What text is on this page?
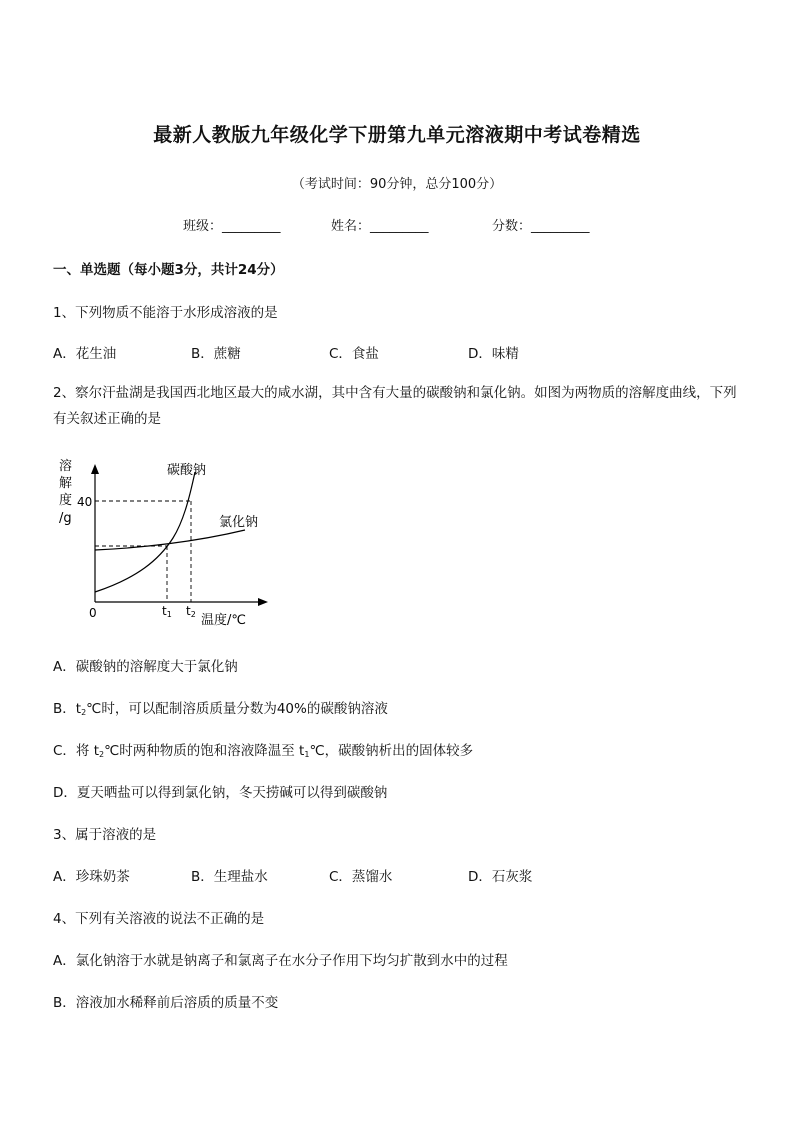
最新人教版九年级化学下册第九单元溶液期中考试卷精选
（考试时间：90分钟，总分100分）
班级：_________	姓名：_________	分数：_________
一、单选题（每小题3分，共计24分）
1、下列物质不能溶于水形成溶液的是
A．花生油	B．蔗糖	C．食盐	D．味精
2、察尔汗盐湖是我国西北地区最大的咸水湖，其中含有大量的碳酸钠和氯化钠。如图为两物质的溶解度曲线，下列有关叙述正确的是
溶
解
度
/g
40
碳酸钠
氯化钠
0	t1 t2 温度/℃
A．碳酸钠的溶解度大于氯化钠
B．$t_2℃$时，可以配制溶质质量分数为40%的碳酸钠溶液
C．将 $t_2℃$时两种物质的饱和溶液降温至 $t_1℃$，碳酸钠析出的固体较多
D．夏天晒盐可以得到氯化钠，冬天捞碱可以得到碳酸钠
3、属于溶液的是
A．珍珠奶茶	B．生理盐水	C．蒸馏水	D．石灰浆
4、下列有关溶液的说法不正确的是
A．氯化钠溶于水就是钠离子和氯离子在水分子作用下均匀扩散到水中的过程
B．溶液加水稀释前后溶质的质量不变
